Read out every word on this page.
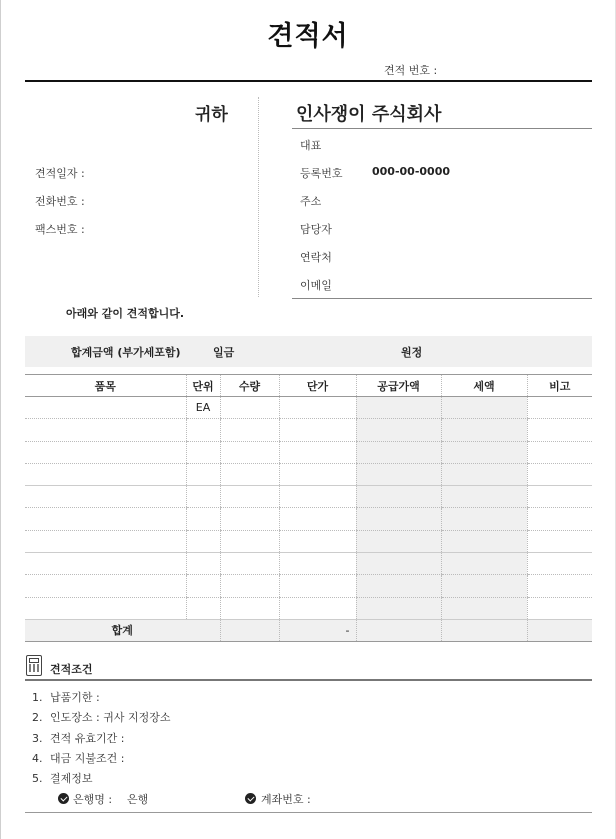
견적서
견적 번호 :
귀하
견적일자 :
전화번호 :
팩스번호 :
인사쟁이 주식회사
대표
등록번호	000-00-0000
주소
담당자
연락처
이메일
아래와 같이 견적합니다.
합계금액 (부가세포함)	일금	원정
품목	단위	수량	단가	공급가액	세액	비고
	EA					

합계			-			
견적조건
1. 납품기한 :
2. 인도장소 : 귀사 지정장소
3. 견적 유효기간 :
4. 대금 지불조건 :
5. 결제정보
은행명 : 은행	계좌번호 :
